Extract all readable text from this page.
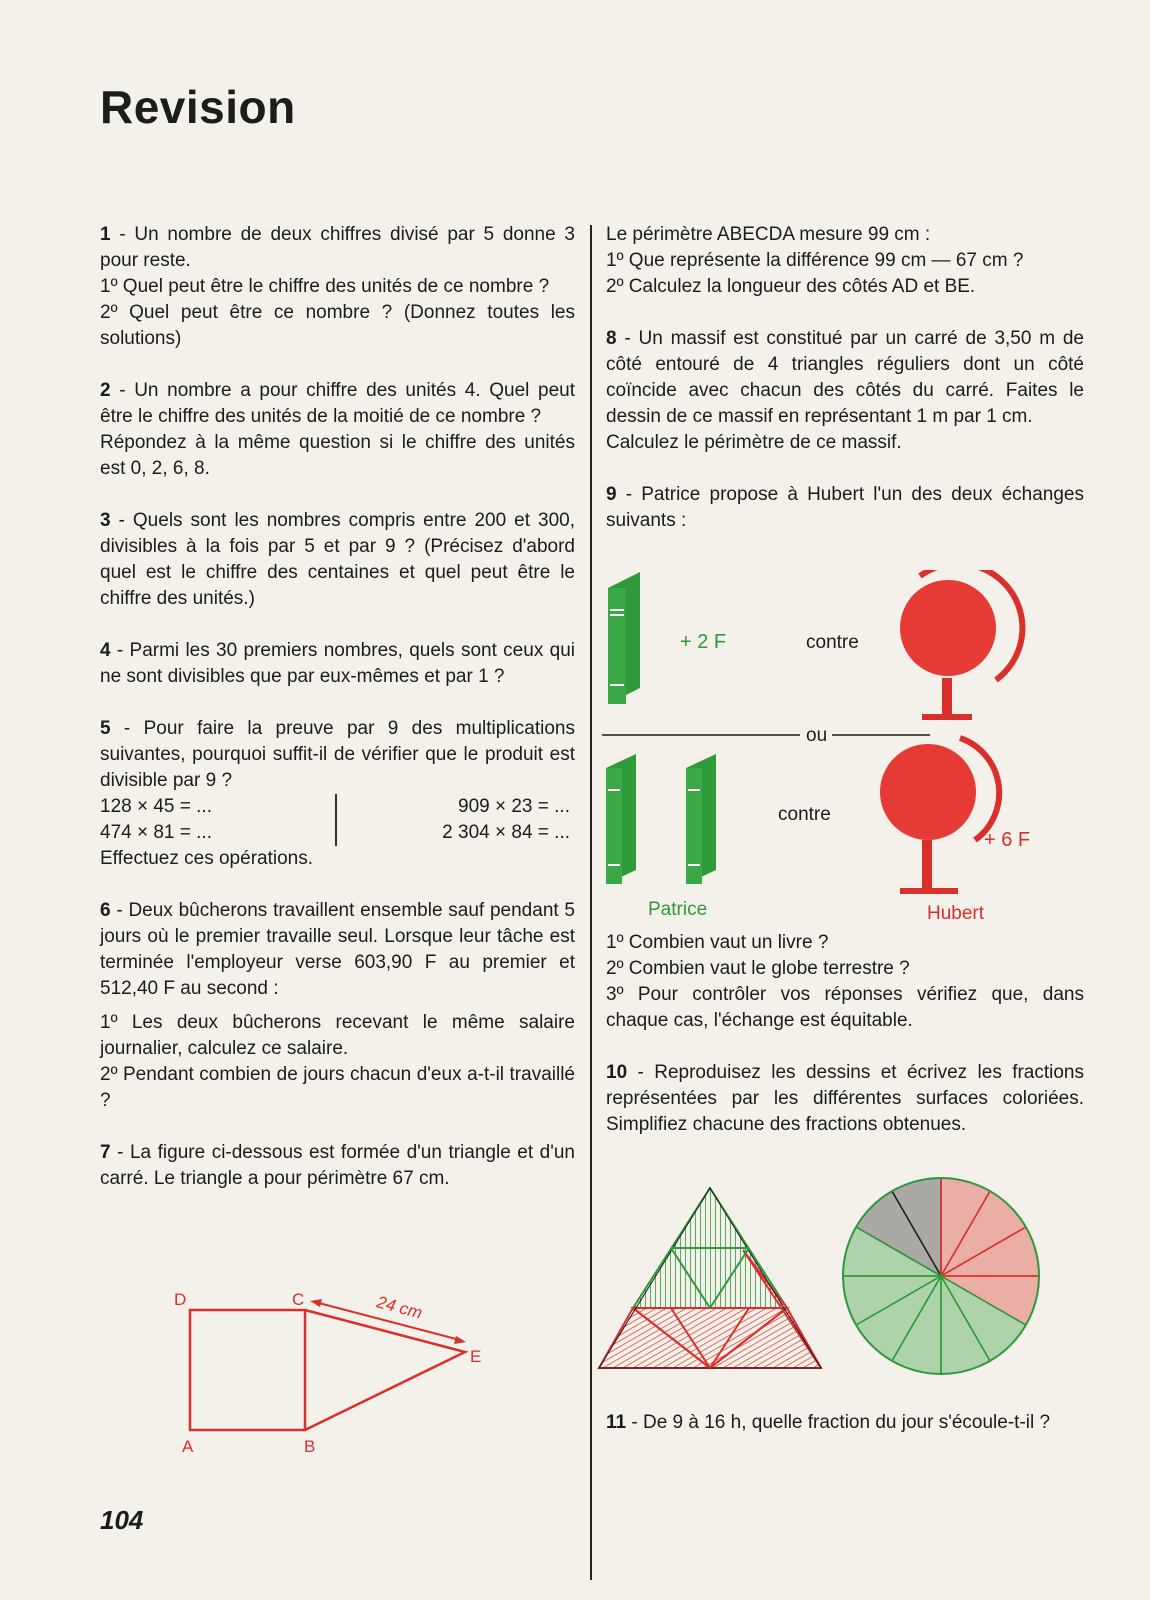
Revision

1 - Un nombre de deux chiffres divisé par 5 donne 3 pour reste.

1º Quel peut être le chiffre des unités de ce nombre ?

2º Quel peut être ce nombre ? (Donnez toutes les solutions)

2 - Un nombre a pour chiffre des unités 4. Quel peut être le chiffre des unités de la moitié de ce nombre ?

Répondez à la même question si le chiffre des unités est 0, 2, 6, 8.

3 - Quels sont les nombres compris entre 200 et 300, divisibles à la fois par 5 et par 9 ? (Précisez d'abord quel est le chiffre des centaines et quel peut être le chiffre des unités.)

4 - Parmi les 30 premiers nombres, quels sont ceux qui ne sont divisibles que par eux-mêmes et par 1 ?

5 - Pour faire la preuve par 9 des multiplications suivantes, pourquoi suffit-il de vérifier que le produit est divisible par 9 ?

128 × 45 = ...	909 × 23 = ...
474 × 81 = ...	2 304 × 84 = ...

Effectuez ces opérations.

6 - Deux bûcherons travaillent ensemble sauf pendant 5 jours où le premier travaille seul. Lorsque leur tâche est terminée l'employeur verse 603,90 F au premier et 512,40 F au second :

1º Les deux bûcherons recevant le même salaire journalier, calculez ce salaire.

2º Pendant combien de jours chacun d'eux a-t-il travaillé ?

7 - La figure ci-dessous est formée d'un triangle et d'un carré. Le triangle a pour périmètre 67 cm.

D	C
A	B
E
24 cm
104

Le périmètre ABECDA mesure 99 cm :

1º Que représente la différence 99 cm — 67 cm ?

2º Calculez la longueur des côtés AD et BE.

8 - Un massif est constitué par un carré de 3,50 m de côté entouré de 4 triangles réguliers dont un côté coïncide avec chacun des côtés du carré. Faites le dessin de ce massif en représentant 1 m par 1 cm.

Calculez le périmètre de ce massif.

9 - Patrice propose à Hubert l'un des deux échanges suivants :

+ 2 F	contre
ou
contre
+ 6 F
Patrice	Hubert

1º Combien vaut un livre ?

2º Combien vaut le globe terrestre ?

3º Pour contrôler vos réponses vérifiez que, dans chaque cas, l'échange est équitable.

10 - Reproduisez les dessins et écrivez les fractions représentées par les différentes surfaces coloriées. Simplifiez chacune des fractions obtenues.

11 - De 9 à 16 h, quelle fraction du jour s'écoule-t-il ?
